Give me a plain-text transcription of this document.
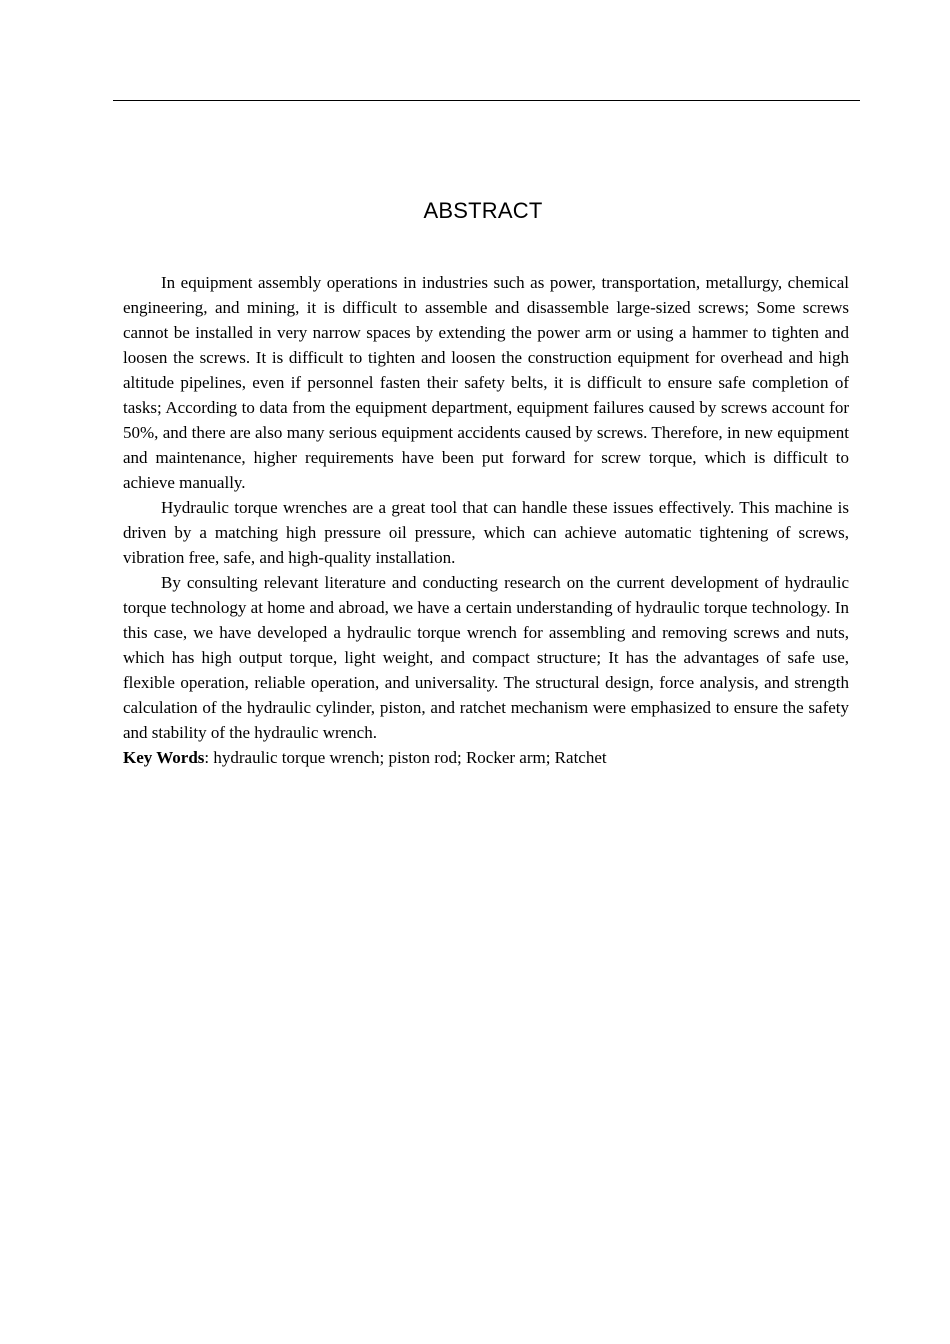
ABSTRACT

In equipment assembly operations in industries such as power, transportation, metallurgy, chemical engineering, and mining, it is difficult to assemble and disassemble large-sized screws; Some screws cannot be installed in very narrow spaces by extending the power arm or using a hammer to tighten and loosen the screws. It is difficult to tighten and loosen the construction equipment for overhead and high altitude pipelines, even if personnel fasten their safety belts, it is difficult to ensure safe completion of tasks; According to data from the equipment department, equipment failures caused by screws account for 50%, and there are also many serious equipment accidents caused by screws. Therefore, in new equipment and maintenance, higher requirements have been put forward for screw torque, which is difficult to achieve manually.

Hydraulic torque wrenches are a great tool that can handle these issues effectively. This machine is driven by a matching high pressure oil pressure, which can achieve automatic tightening of screws, vibration free, safe, and high-quality installation.

By consulting relevant literature and conducting research on the current development of hydraulic torque technology at home and abroad, we have a certain understanding of hydraulic torque technology. In this case, we have developed a hydraulic torque wrench for assembling and removing screws and nuts, which has high output torque, light weight, and compact structure; It has the advantages of safe use, flexible operation, reliable operation, and universality. The structural design, force analysis, and strength calculation of the hydraulic cylinder, piston, and ratchet mechanism were emphasized to ensure the safety and stability of the hydraulic wrench.

Key Words: hydraulic torque wrench; piston rod; Rocker arm; Ratchet
